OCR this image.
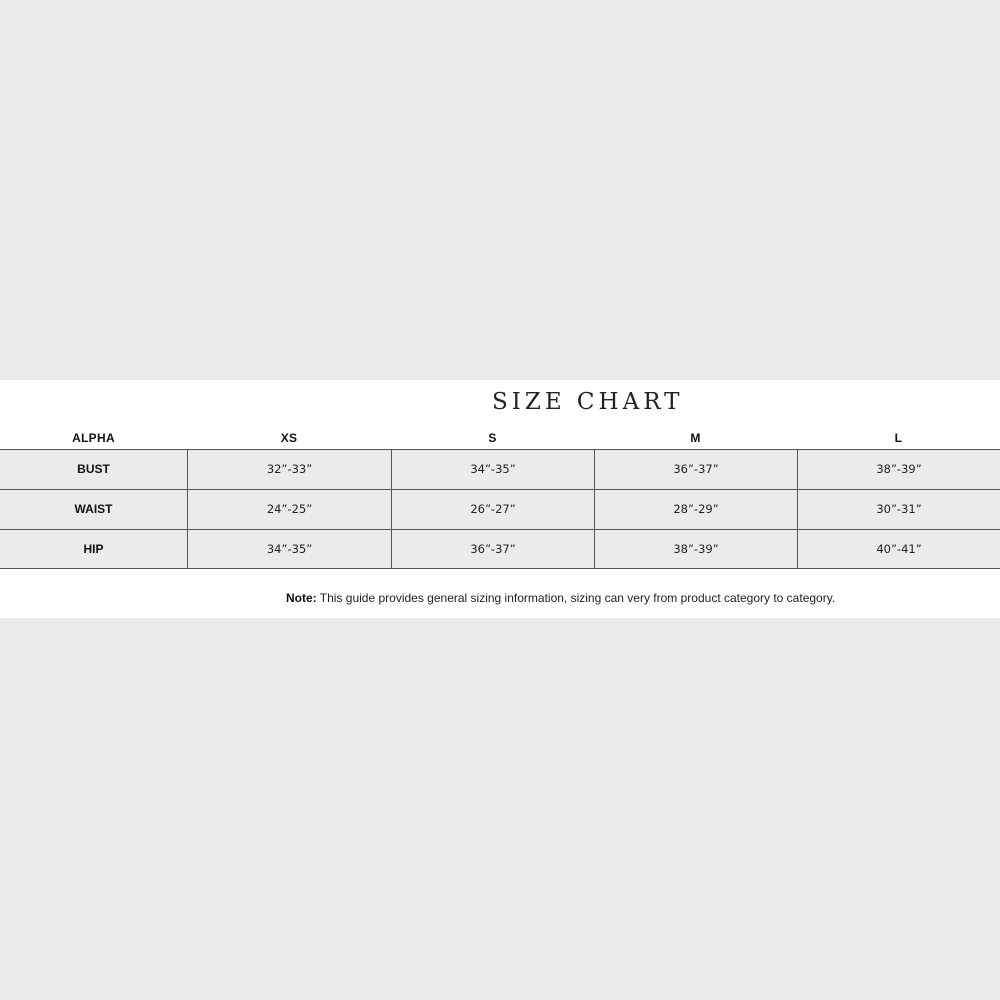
SIZE CHART
ALPHA	XS	S	M	L
BUST	32”-33”	34”-35”	36”-37”	38”-39”
WAIST	24”-25”	26”-27”	28”-29”	30”-31”
HIP	34”-35”	36”-37”	38”-39”	40”-41”
Note: This guide provides general sizing information, sizing can very from product category to category.
